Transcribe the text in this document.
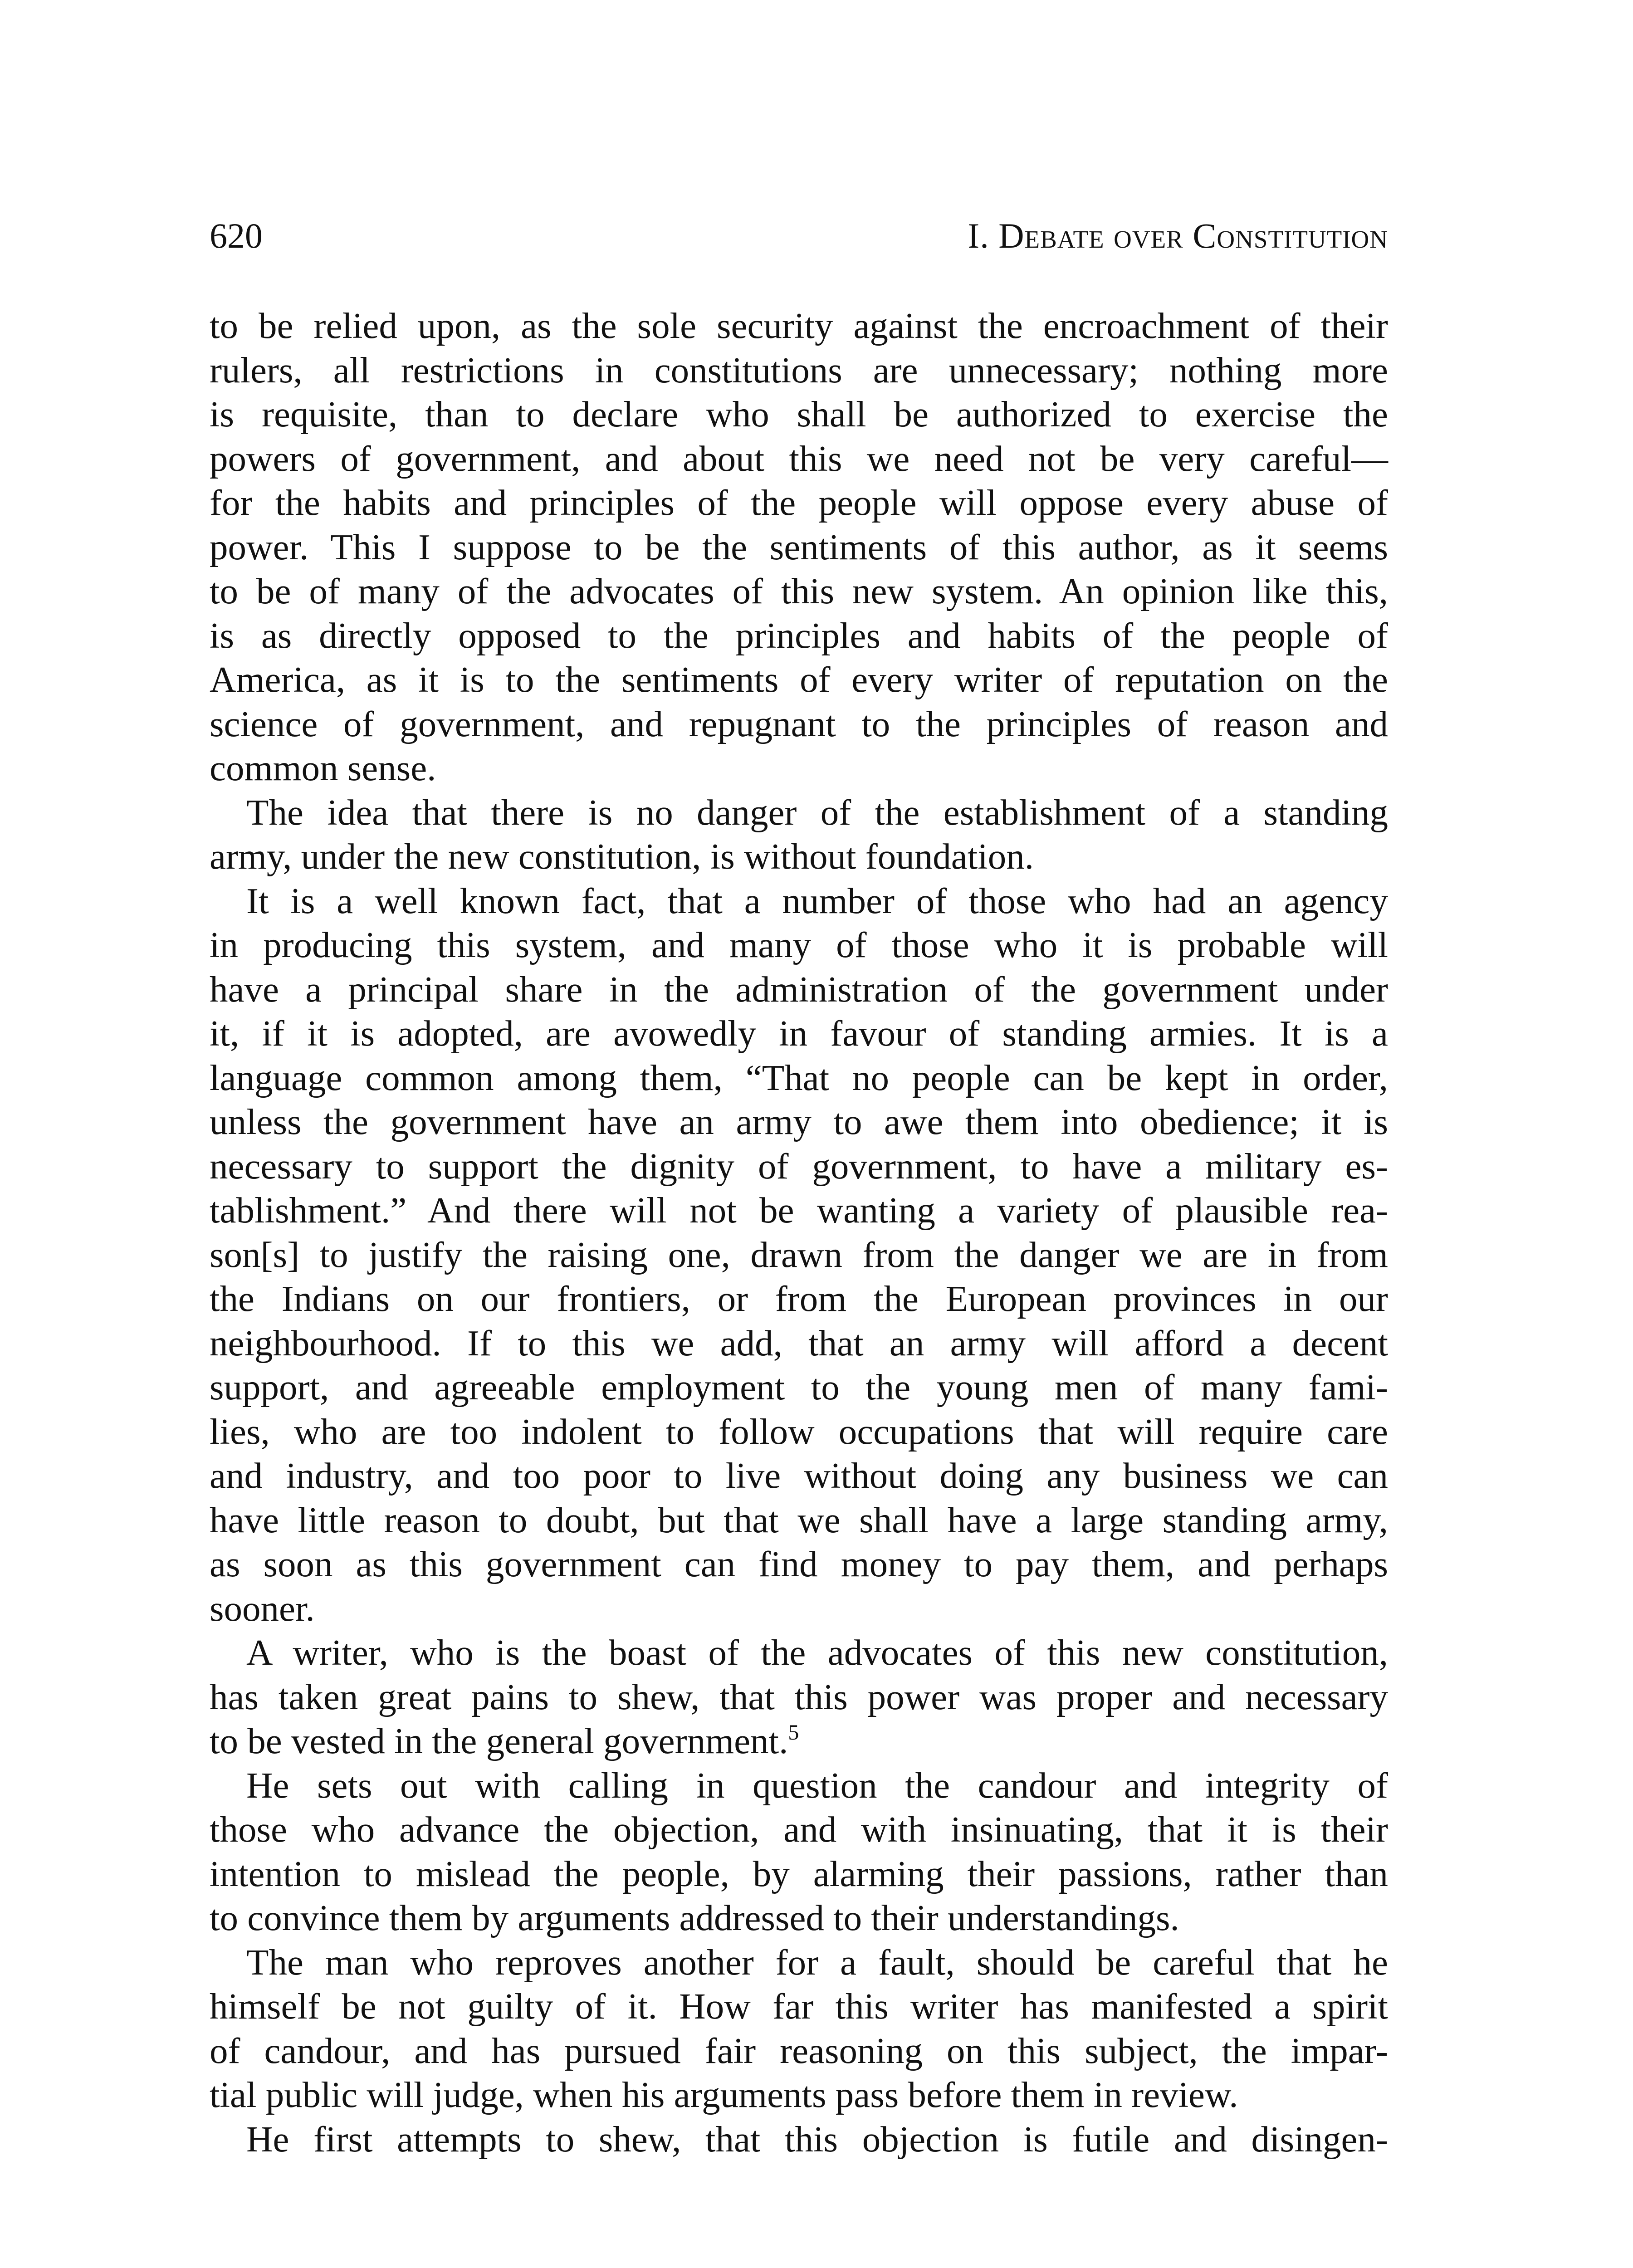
620	I. Debate over Constitution
to be relied upon, as the sole security against the encroachment of their
rulers, all restrictions in constitutions are unnecessary; nothing more
is requisite, than to declare who shall be authorized to exercise the
powers of government, and about this we need not be very careful—
for the habits and principles of the people will oppose every abuse of
power. This I suppose to be the sentiments of this author, as it seems
to be of many of the advocates of this new system. An opinion like this,
is as directly opposed to the principles and habits of the people of
America, as it is to the sentiments of every writer of reputation on the
science of government, and repugnant to the principles of reason and
common sense.
The idea that there is no danger of the establishment of a standing
army, under the new constitution, is without foundation.
It is a well known fact, that a number of those who had an agency
in producing this system, and many of those who it is probable will
have a principal share in the administration of the government under
it, if it is adopted, are avowedly in favour of standing armies. It is a
language common among them, “That no people can be kept in order,
unless the government have an army to awe them into obedience; it is
necessary to support the dignity of government, to have a military es-
tablishment.” And there will not be wanting a variety of plausible rea-
son[s] to justify the raising one, drawn from the danger we are in from
the Indians on our frontiers, or from the European provinces in our
neighbourhood. If to this we add, that an army will afford a decent
support, and agreeable employment to the young men of many fami-
lies, who are too indolent to follow occupations that will require care
and industry, and too poor to live without doing any business we can
have little reason to doubt, but that we shall have a large standing army,
as soon as this government can find money to pay them, and perhaps
sooner.
A writer, who is the boast of the advocates of this new constitution,
has taken great pains to shew, that this power was proper and necessary
to be vested in the general government.$^5$
He sets out with calling in question the candour and integrity of
those who advance the objection, and with insinuating, that it is their
intention to mislead the people, by alarming their passions, rather than
to convince them by arguments addressed to their understandings.
The man who reproves another for a fault, should be careful that he
himself be not guilty of it. How far this writer has manifested a spirit
of candour, and has pursued fair reasoning on this subject, the impar-
tial public will judge, when his arguments pass before them in review.
He first attempts to shew, that this objection is futile and disingen-
